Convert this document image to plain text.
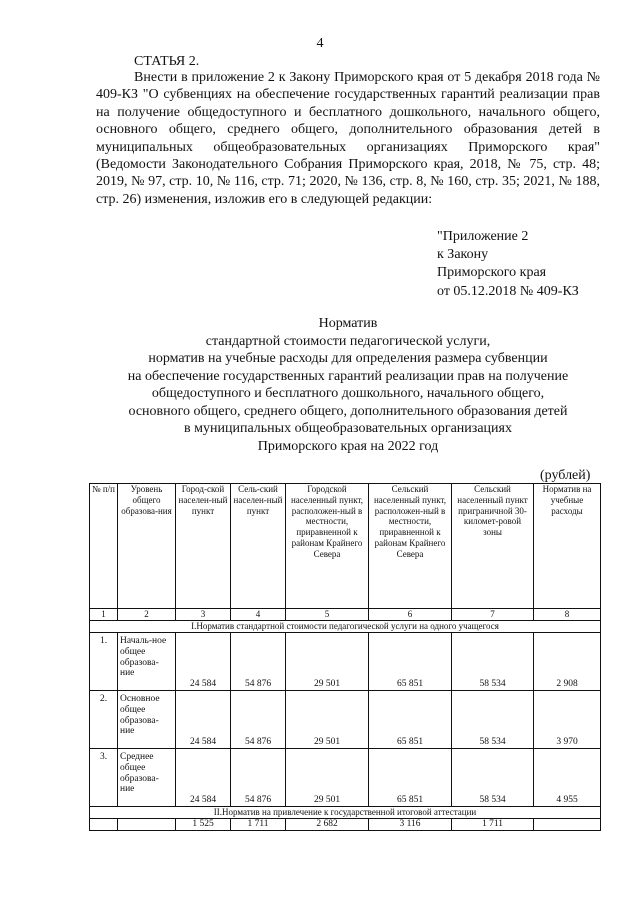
4
СТАТЬЯ 2.

Внести в приложение 2 к Закону Приморского края от 5 декабря 2018 года № 409-КЗ "О субвенциях на обеспечение государственных гарантий реализации прав на получение общедоступного и бесплатного дошкольного, начального общего, основного общего, среднего общего, дополнительного образования детей в муниципальных общеобразовательных организациях Приморского края" (Ведомости Законодательного Собрания Приморского края, 2018, № 75, стр. 48; 2019, № 97, стр. 10, № 116, стр. 71; 2020, № 136, стр. 8, № 160, стр. 35; 2021, № 188, стр. 26) изменения, изложив его в следующей редакции:

"Приложение 2
к Закону
Приморского края
от 05.12.2018 № 409-КЗ
Норматив
стандартной стоимости педагогической услуги,
норматив на учебные расходы для определения размера субвенции
на обеспечение государственных гарантий реализации прав на получение
общедоступного и бесплатного дошкольного, начального общего,
основного общего, среднего общего, дополнительного образования детей
в муниципальных общеобразовательных организациях
Приморского края на 2022 год
(рублей)
№ п/п	Уровень общего образова-ния	Город-ской населен-ный пункт	Сель-ский населен-ный пункт	Городской населенный пункт, расположен-ный в местности, приравненной к районам Крайнего Севера	Сельский населенный пункт, расположен-ный в местности, приравненной к районам Крайнего Севера	Сельский населенный пункт приграничной 30-километ-ровой зоны	Норматив на учебные расходы
1	2	3	4	5	6	7	8
I.Норматив стандартной стоимости педагогической услуги на одного учащегося							
1.	Началь-ное общее образова-ние	24 584	54 876	29 501	65 851	58 534	2 908
2.	Основное общее образова-ние	24 584	54 876	29 501	65 851	58 534	3 970
3.	Среднее общее образова-ние	24 584	54 876	29 501	65 851	58 534	4 955
II.Норматив на привлечение к государственной итоговой аттестации							
		1 525	1 711	2 682	3 116	1 711	
